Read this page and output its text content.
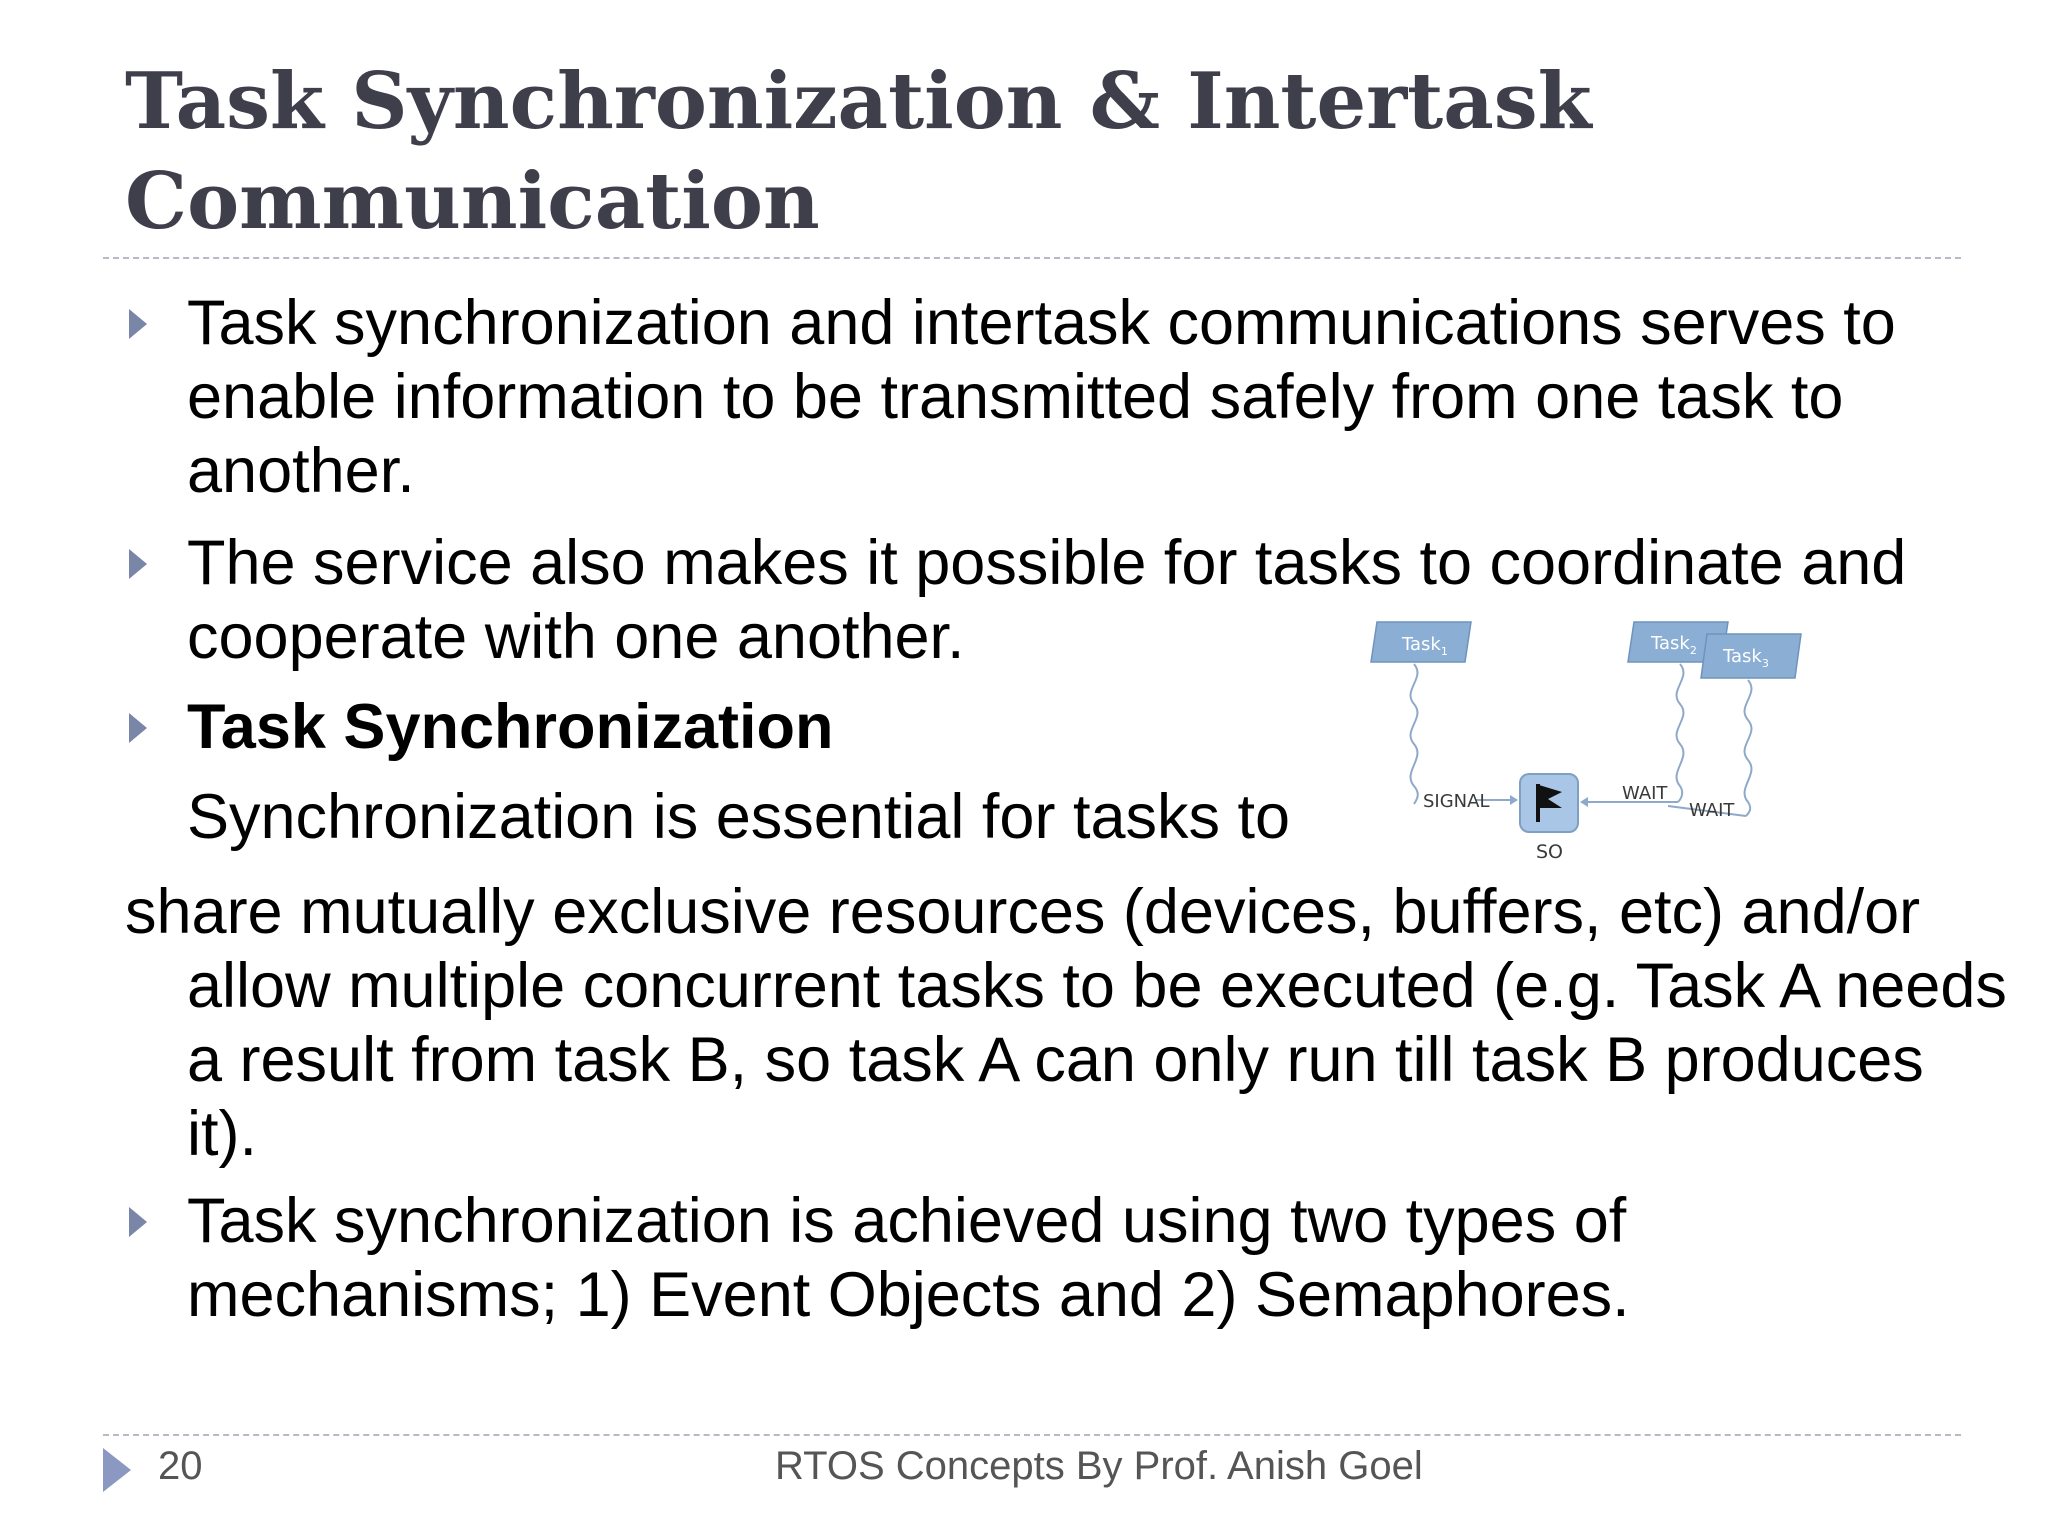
Task Synchronization & Intertask
Communication
Task synchronization and intertask communications serves to enable information to be transmitted safely from one task to another.
The service also makes it possible for tasks to coordinate and cooperate with one another.
Task Synchronization
Synchronization is essential for tasks to
Task synchronization is achieved using two types of mechanisms; 1) Event Objects and 2) Semaphores.
share mutually exclusive resources (devices, buffers, etc) and/or allow multiple concurrent tasks to be executed (e.g. Task A needs a result from task B, so task A can only run till task B produces it).
Task$_1$	Task$_2$ Task$_3$
SIGNAL	WAIT
WAIT
SO
20	RTOS Concepts By Prof. Anish Goel
